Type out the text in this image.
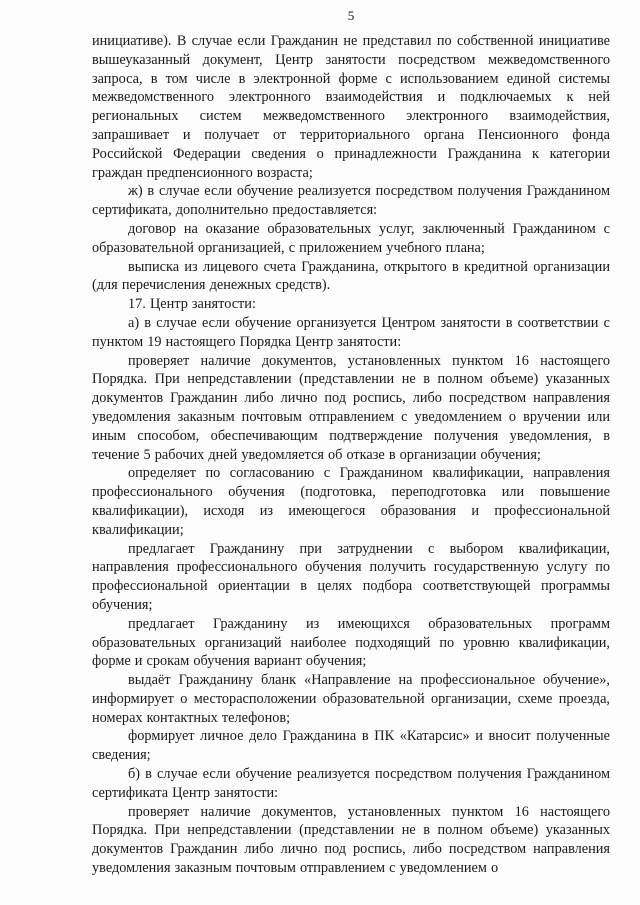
5

инициативе). В случае если Гражданин не представил по собственной инициативе вышеуказанный документ, Центр занятости посредством межведомственного запроса, в том числе в электронной форме с использованием единой системы межведомственного электронного взаимодействия и подключаемых к ней региональных систем межведомственного электронного взаимодействия, запрашивает и получает от территориального органа Пенсионного фонда Российской Федерации сведения о принадлежности Гражданина к категории граждан предпенсионного возраста;

ж) в случае если обучение реализуется посредством получения Гражданином сертификата, дополнительно предоставляется:

договор на оказание образовательных услуг, заключенный Гражданином с образовательной организацией, с приложением учебного плана;

выписка из лицевого счета Гражданина, открытого в кредитной организации (для перечисления денежных средств).

17. Центр занятости:

а) в случае если обучение организуется Центром занятости в соответствии с пунктом 19 настоящего Порядка Центр занятости:

проверяет наличие документов, установленных пунктом 16 настоящего Порядка. При непредставлении (представлении не в полном объеме) указанных документов Гражданин либо лично под роспись, либо посредством направления уведомления заказным почтовым отправлением с уведомлением о вручении или иным способом, обеспечивающим подтверждение получения уведомления, в течение 5 рабочих дней уведомляется об отказе в организации обучения;

определяет по согласованию с Гражданином квалификации, направления профессионального обучения (подготовка, переподготовка или повышение квалификации), исходя из имеющегося образования и профессиональной квалификации;

предлагает Гражданину при затруднении с выбором квалификации, направления профессионального обучения получить государственную услугу по профессиональной ориентации в целях подбора соответствующей программы обучения;

предлагает Гражданину из имеющихся образовательных программ образовательных организаций наиболее подходящий по уровню квалификации, форме и срокам обучения вариант обучения;

выдаёт Гражданину бланк «Направление на профессиональное обучение», информирует о месторасположении образовательной организации, схеме проезда, номерах контактных телефонов;

формирует личное дело Гражданина в ПК «Катарсис» и вносит полученные сведения;

б) в случае если обучение реализуется посредством получения Гражданином сертификата Центр занятости:

проверяет наличие документов, установленных пунктом 16 настоящего Порядка. При непредставлении (представлении не в полном объеме) указанных документов Гражданин либо лично под роспись, либо посредством направления уведомления заказным почтовым отправлением с уведомлением о
